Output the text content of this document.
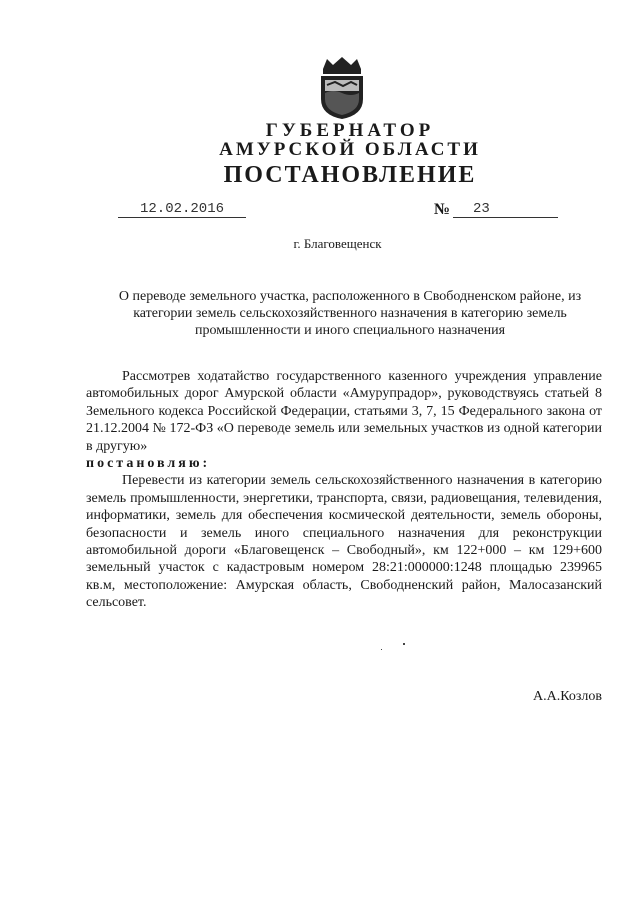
ГУБЕРНАТОР
АМУРСКОЙ ОБЛАСТИ
ПОСТАНОВЛЕНИЕ
12.02.2016	№ 23
г. Благовещенск
О переводе земельного участка, расположенного в Свободненском районе, из категории земель сельскохозяйственного назначения в категорию земель промышленности и иного специального назначения

Рассмотрев ходатайство государственного казенного учреждения управление автомобильных дорог Амурской области «Амурупрадор», руководствуясь статьей 8 Земельного кодекса Российской Федерации, статьями 3, 7, 15 Федерального закона от 21.12.2004 № 172-ФЗ «О переводе земель или земельных участков из одной категории в другую»

постановляю:

Перевести из категории земель сельскохозяйственного назначения в категорию земель промышленности, энергетики, транспорта, связи, радиовещания, телевидения, информатики, земель для обеспечения космической деятельности, земель обороны, безопасности и земель иного специального назначения для реконструкции автомобильной дороги «Благовещенск – Свободный», км 122+000 – км 129+600 земельный участок с кадастровым номером 28:21:000000:1248 площадью 239965 кв.м, местоположение: Амурская область, Свободненский район, Малосазанский сельсовет.

А.А.Козлов
